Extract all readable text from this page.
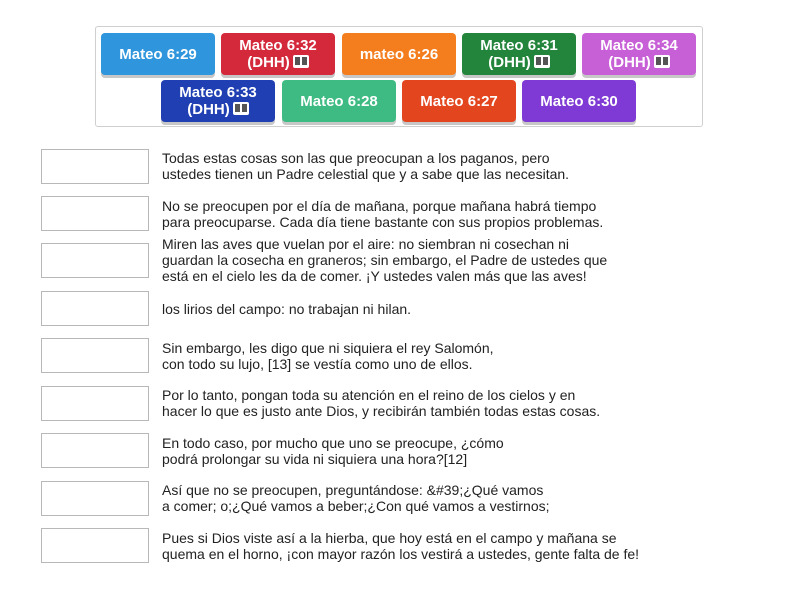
Mateo 6:29	Mateo 6:32
(DHH)	mateo 6:26	Mateo 6:31
(DHH)
Mateo 6:34
(DHH)
Mateo 6:33
(DHH)	Mateo 6:28	Mateo 6:27	Mateo 6:30
Todas estas cosas son las que preocupan a los paganos, pero
ustedes tienen un Padre celestial que y a sabe que las necesitan.
No se preocupen por el día de mañana, porque mañana habrá tiempo
para preocuparse. Cada día tiene bastante con sus propios problemas.
Miren las aves que vuelan por el aire: no siembran ni cosechan ni
guardan la cosecha en graneros; sin embargo, el Padre de ustedes que
está en el cielo les da de comer. ¡Y ustedes valen más que las aves!
los lirios del campo: no trabajan ni hilan.
Sin embargo, les digo que ni siquiera el rey Salomón,
con todo su lujo, [13] se vestía como uno de ellos.
Por lo tanto, pongan toda su atención en el reino de los cielos y en
hacer lo que es justo ante Dios, y recibirán también todas estas cosas.
En todo caso, por mucho que uno se preocupe, ¿cómo
podrá prolongar su vida ni siquiera una hora?[12]
Así que no se preocupen, preguntándose: &#39;¿Qué vamos
a comer; o;¿Qué vamos a beber;¿Con qué vamos a vestirnos;
Pues si Dios viste así a la hierba, que hoy está en el campo y mañana se
quema en el horno, ¡con mayor razón los vestirá a ustedes, gente falta de fe!
